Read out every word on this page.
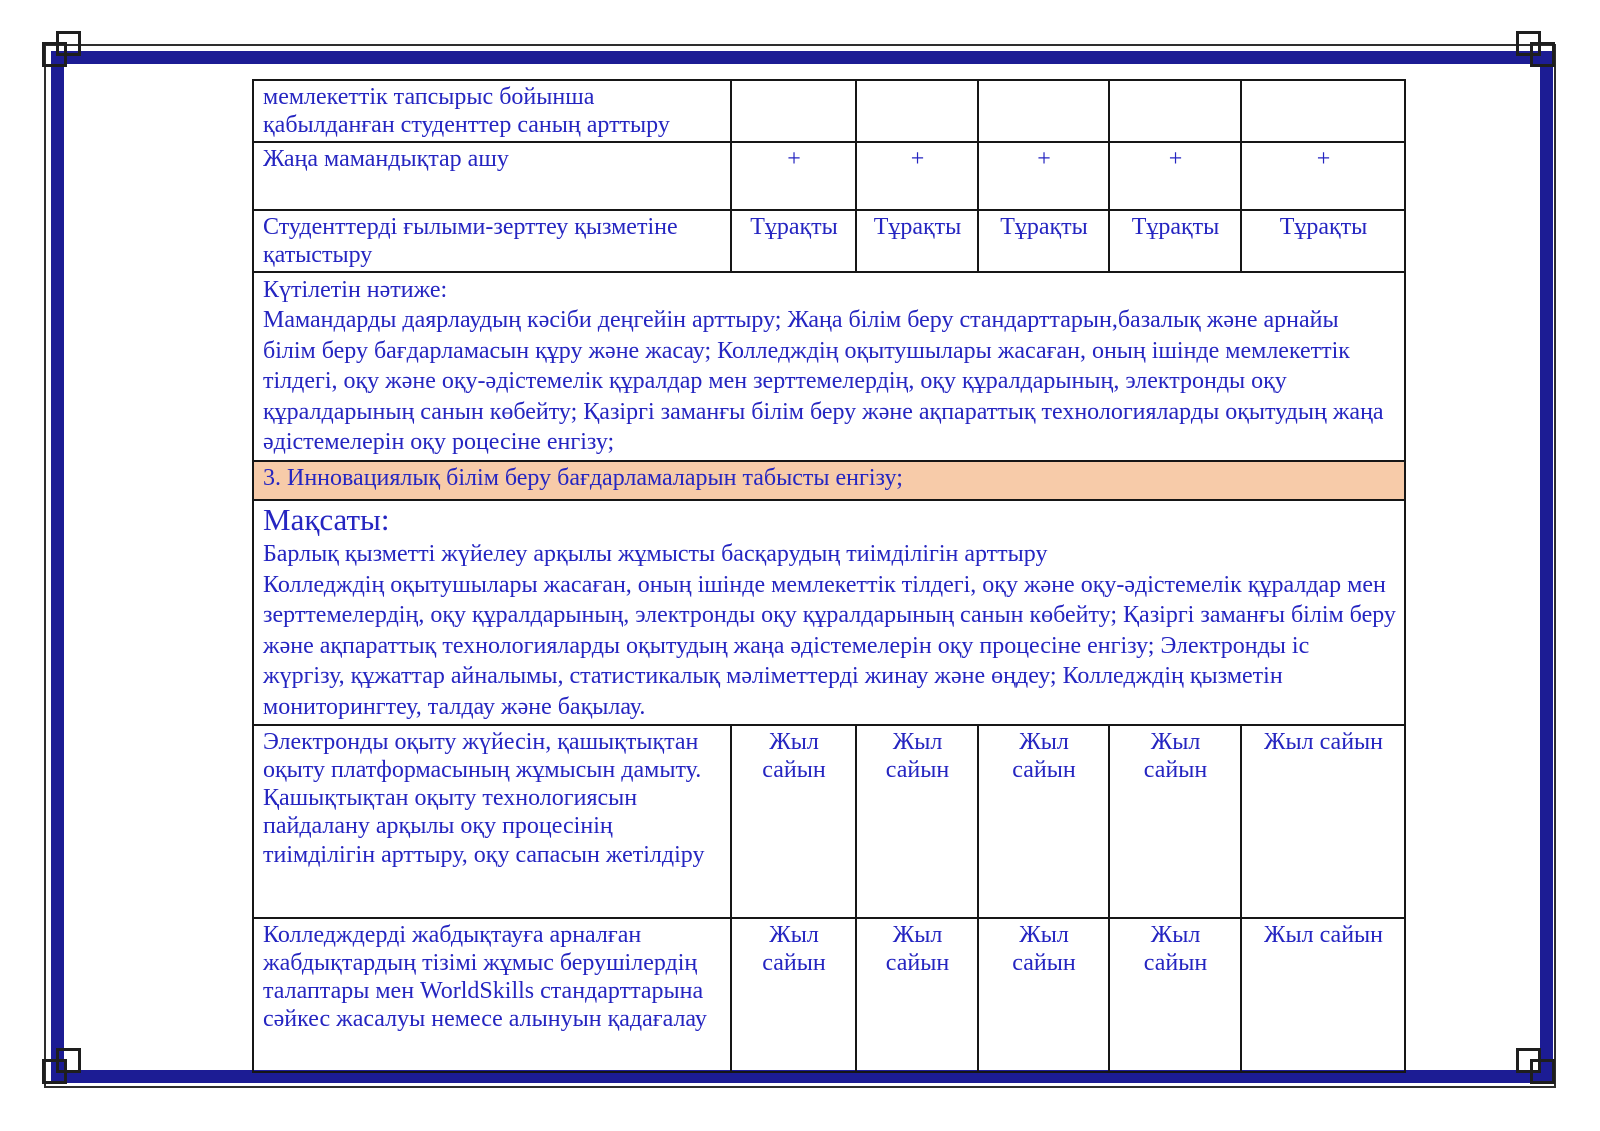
мемлекеттік тапсырыс бойынша қабылданған студенттер саның арттыру					
Жаңа мамандықтар ашу	+	+	+	+	+
Студенттерді ғылыми-зерттеу қызметіне қатыстыру	Тұрақты	Тұрақты	Тұрақты	Тұрақты	Тұрақты

Күтілетін нәтиже:
Мамандарды даярлаудың кәсіби деңгейін арттыру; Жаңа білім беру стандарттарын,базалық және арнайы білім беру бағдарламасын құру және жасау; Колледждің оқытушылары жасаған, оның ішінде мемлекеттік тілдегі, оқу және оқу-әдістемелік құралдар мен зерттемелердің, оқу құралдарының, электронды оқу құралдарының санын көбейту; Қазіргі заманғы білім беру және ақпараттық технологияларды оқытудың жаңа әдістемелерін оқу роцесіне енгізу;					

3. Инновациялық білім беру бағдарламаларын табысты енгізу;					

Мақсаты:
Барлық қызметті жүйелеу арқылы жұмысты басқарудың тиімділігін арттыру
Колледждің оқытушылары жасаған, оның ішінде мемлекеттік тілдегі, оқу және оқу-әдістемелік құралдар мен зерттемелердің, оқу құралдарының, электронды оқу құралдарының санын көбейту; Қазіргі заманғы білім беру және ақпараттық технологияларды оқытудың жаңа әдістемелерін оқу процесіне енгізу; Электронды іс жүргізу, құжаттар айналымы, статистикалық мәліметтерді жинау және өңдеу; Колледждің қызметін мониторингтеу, талдау және бақылау.					

Электронды оқыту жүйесін, қашықтықтан оқыту платформасының жұмысын дамыту. Қашықтықтан оқыту технологиясын пайдалану арқылы оқу процесінің тиімділігін арттыру, оқу сапасын жетілдіру	Жыл сайын	Жыл сайын	Жыл сайын	Жыл сайын	Жыл сайын
Колледждерді жабдықтауға арналған жабдықтардың тізімі жұмыс берушілердің талаптары мен WorldSkills стандарттарына сәйкес жасалуы немесе алынуын қадағалау	Жыл сайын	Жыл сайын	Жыл сайын	Жыл сайын	Жыл сайын
